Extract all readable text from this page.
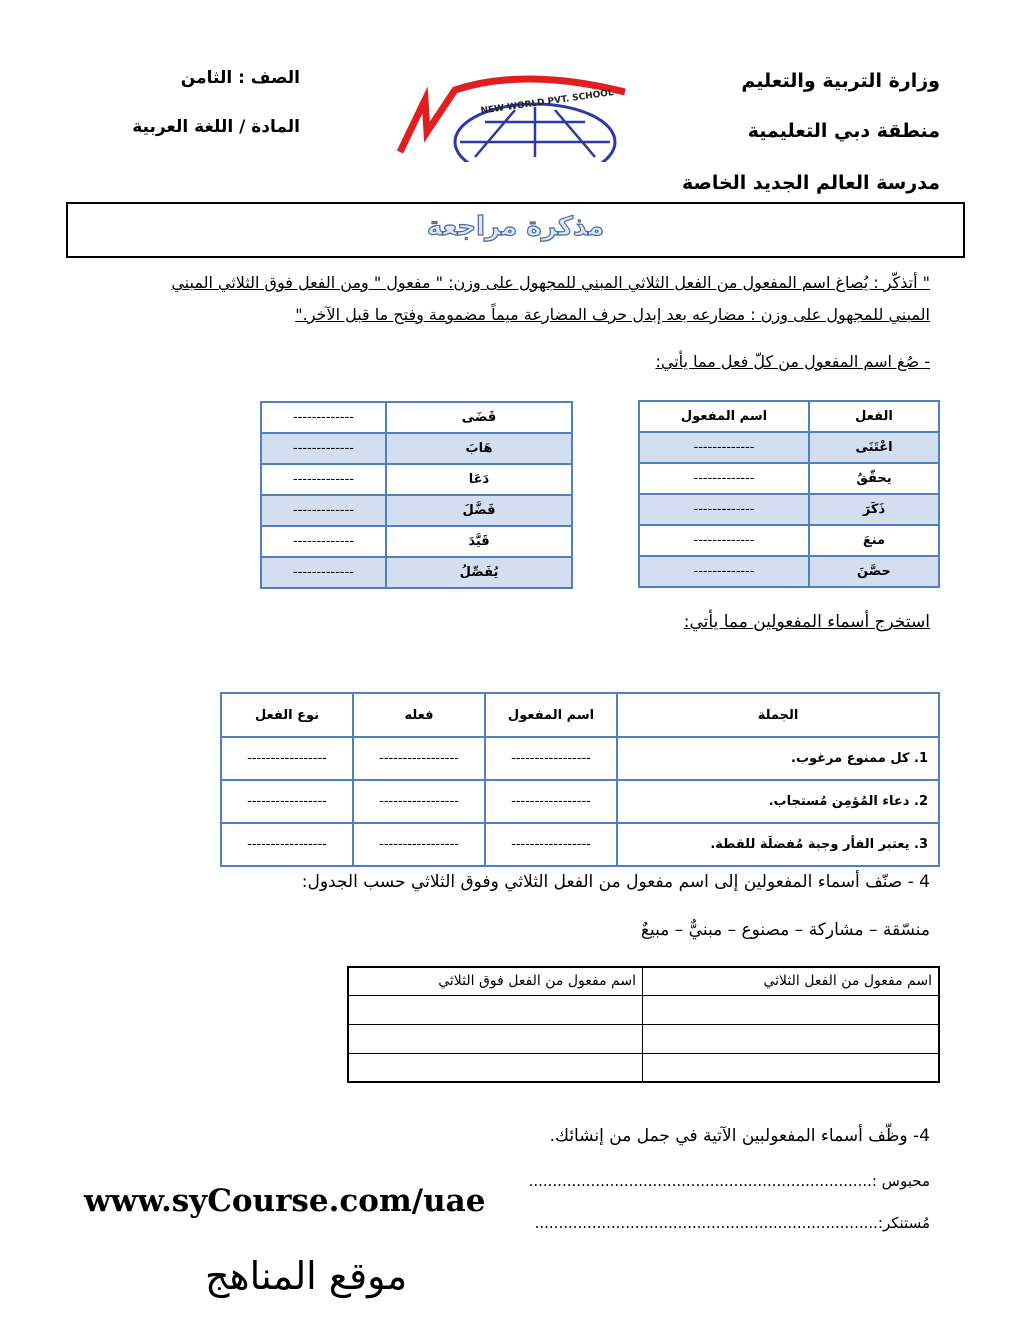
وزارة التربية والتعليم
منطقة دبي التعليمية
مدرسة العالم الجديد الخاصة
الصف : الثامن
المادة / اللغة العربية
NEW WORLD PVT. SCHOOL
مذكرة مراجعة
" أتذكّر : يُصاغ اسم المفعول من الفعل الثلاثي المبني للمجهول على وزن: " مفعول " ومن الفعل فوق الثلاثي المبني
المبني للمجهول على وزن : مضارعه بعد إبدل حرف المضارعة ميماً مضمومة وفتح ما قبل الآخر."
- صُغ اسم المفعول من كلّ فعل مما يأتي:
الفعل	اسم المفعول
اعْتَنَى	-------------
يحقّقُ	-------------
ذَكَرَ	-------------
منعَ	-------------
حصَّنَ	-------------
قَضَى	-------------
هَابَ	-------------
دَعَا	-------------
فَضَّلَ	-------------
قَيَّدَ	-------------
يُفَصِّلُ	-------------
استخرج أسماء المفعولين مما يأتي:
الجملة	اسم المفعول	فعله	نوع الفعل
1. كل ممنوع مرغوب.	-----------------	-----------------	-----------------
2. دعاء المُؤمِن مُستجاب.	-----------------	-----------------	-----------------
3. يعتبر الفأر وجبة مُفضلَة للقطة.	-----------------	-----------------	-----------------
4 - صنّف أسماء المفعولين إلى اسم مفعول من الفعل الثلاثي وفوق الثلاثي حسب الجدول:
منسّقة – مشاركة – مصنوع – مبنيٌّ – مبيعٌ
اسم مفعول من الفعل الثلاثي	اسم مفعول من الفعل فوق الثلاثي

4- وظّف أسماء المفعولبين الآتية في جمل من إنشائك.
محبوس :........................................................................
مُستنكر:........................................................................
www.syCourse.com/uae
موقع المناهج
